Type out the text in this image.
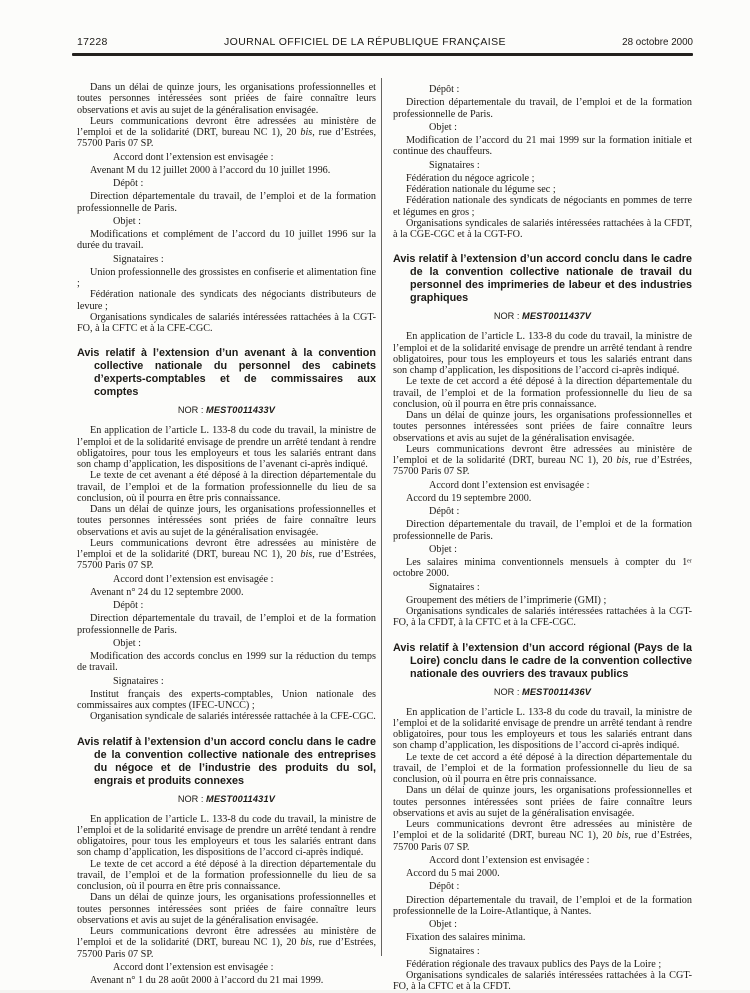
17228	JOURNAL OFFICIEL DE LA RÉPUBLIQUE FRANÇAISE	28 octobre 2000

Dans un délai de quinze jours, les organisations professionnelles et toutes personnes intéressées sont priées de faire connaître leurs observations et avis au sujet de la généralisation envisagée.

Leurs communications devront être adressées au ministère de l’emploi et de la solidarité (DRT, bureau NC 1), 20 bis, rue d’Estrées, 75700 Paris 07 SP.

Accord dont l’extension est envisagée :

Avenant M du 12 juillet 2000 à l’accord du 10 juillet 1996.

Dépôt :

Direction départementale du travail, de l’emploi et de la formation professionnelle de Paris.

Objet :

Modifications et complément de l’accord du 10 juillet 1996 sur la durée du travail.

Signataires :

Union professionnelle des grossistes en confiserie et alimentation fine ;

Fédération nationale des syndicats des négociants distributeurs de levure ;

Organisations syndicales de salariés intéressées rattachées à la CGT-FO, à la CFTC et à la CFE-CGC.

Avis relatif à l’extension d’un avenant à la convention collective nationale du personnel des cabinets d’experts-comptables et de commissaires aux comptes

NOR : MEST0011433V

En application de l’article L. 133-8 du code du travail, la ministre de l’emploi et de la solidarité envisage de prendre un arrêté tendant à rendre obligatoires, pour tous les employeurs et tous les salariés entrant dans son champ d’application, les dispositions de l’avenant ci-après indiqué.

Le texte de cet avenant a été déposé à la direction départementale du travail, de l’emploi et de la formation professionnelle du lieu de sa conclusion, où il pourra en être pris connaissance.

Dans un délai de quinze jours, les organisations professionnelles et toutes personnes intéressées sont priées de faire connaître leurs observations et avis au sujet de la généralisation envisagée.

Leurs communications devront être adressées au ministère de l’emploi et de la solidarité (DRT, bureau NC 1), 20 bis, rue d’Estrées, 75700 Paris 07 SP.

Accord dont l’extension est envisagée :

Avenant n° 24 du 12 septembre 2000.

Dépôt :

Direction départementale du travail, de l’emploi et de la formation professionnelle de Paris.

Objet :

Modification des accords conclus en 1999 sur la réduction du temps de travail.

Signataires :

Institut français des experts-comptables, Union nationale des commissaires aux comptes (IFEC-UNCC) ;

Organisation syndicale de salariés intéressée rattachée à la CFE-CGC.

Avis relatif à l’extension d’un accord conclu dans le cadre de la convention collective nationale des entreprises du négoce et de l’industrie des produits du sol, engrais et produits connexes

NOR : MEST0011431V

En application de l’article L. 133-8 du code du travail, la ministre de l’emploi et de la solidarité envisage de prendre un arrêté tendant à rendre obligatoires, pour tous les employeurs et tous les salariés entrant dans son champ d’application, les dispositions de l’accord ci-après indiqué.

Le texte de cet accord a été déposé à la direction départementale du travail, de l’emploi et de la formation professionnelle du lieu de sa conclusion, où il pourra en être pris connaissance.

Dans un délai de quinze jours, les organisations professionnelles et toutes personnes intéressées sont priées de faire connaître leurs observations et avis au sujet de la généralisation envisagée.

Leurs communications devront être adressées au ministère de l’emploi et de la solidarité (DRT, bureau NC 1), 20 bis, rue d’Estrées, 75700 Paris 07 SP.

Accord dont l’extension est envisagée :

Avenant n° 1 du 28 août 2000 à l’accord du 21 mai 1999.

Dépôt :

Direction départementale du travail, de l’emploi et de la formation professionnelle de Paris.

Objet :

Modification de l’accord du 21 mai 1999 sur la formation initiale et continue des chauffeurs.

Signataires :

Fédération du négoce agricole ;

Fédération nationale du légume sec ;

Fédération nationale des syndicats de négociants en pommes de terre et légumes en gros ;

Organisations syndicales de salariés intéressées rattachées à la CFDT, à la CGE-CGC et à la CGT-FO.

Avis relatif à l’extension d’un accord conclu dans le cadre de la convention collective nationale de travail du personnel des imprimeries de labeur et des industries graphiques

NOR : MEST0011437V

En application de l’article L. 133-8 du code du travail, la ministre de l’emploi et de la solidarité envisage de prendre un arrêté tendant à rendre obligatoires, pour tous les employeurs et tous les salariés entrant dans son champ d’application, les dispositions de l’accord ci-après indiqué.

Le texte de cet accord a été déposé à la direction départementale du travail, de l’emploi et de la formation professionnelle du lieu de sa conclusion, où il pourra en être pris connaissance.

Dans un délai de quinze jours, les organisations professionnelles et toutes personnes intéressées sont priées de faire connaître leurs observations et avis au sujet de la généralisation envisagée.

Leurs communications devront être adressées au ministère de l’emploi et de la solidarité (DRT, bureau NC 1), 20 bis, rue d’Estrées, 75700 Paris 07 SP.

Accord dont l’extension est envisagée :

Accord du 19 septembre 2000.

Dépôt :

Direction départementale du travail, de l’emploi et de la formation professionnelle de Paris.

Objet :

Les salaires minima conventionnels mensuels à compter du 1ᵉʳ octobre 2000.

Signataires :

Groupement des métiers de l’imprimerie (GMI) ;

Organisations syndicales de salariés intéressées rattachées à la CGT-FO, à la CFDT, à la CFTC et à la CFE-CGC.

Avis relatif à l’extension d’un accord régional (Pays de la Loire) conclu dans le cadre de la convention collective nationale des ouvriers des travaux publics

NOR : MEST0011436V

En application de l’article L. 133-8 du code du travail, la ministre de l’emploi et de la solidarité envisage de prendre un arrêté tendant à rendre obligatoires, pour tous les employeurs et tous les salariés entrant dans son champ d’application, les dispositions de l’accord ci-après indiqué.

Le texte de cet accord a été déposé à la direction départementale du travail, de l’emploi et de la formation professionnelle du lieu de sa conclusion, où il pourra en être pris connaissance.

Dans un délai de quinze jours, les organisations professionnelles et toutes personnes intéressées sont priées de faire connaître leurs observations et avis au sujet de la généralisation envisagée.

Leurs communications devront être adressées au ministère de l’emploi et de la solidarité (DRT, bureau NC 1), 20 bis, rue d’Estrées, 75700 Paris 07 SP.

Accord dont l’extension est envisagée :

Accord du 5 mai 2000.

Dépôt :

Direction départementale du travail, de l’emploi et de la formation professionnelle de la Loire-Atlantique, à Nantes.

Objet :

Fixation des salaires minima.

Signataires :

Fédération régionale des travaux publics des Pays de la Loire ;

Organisations syndicales de salariés intéressées rattachées à la CGT-FO, à la CFTC et à la CFDT.
